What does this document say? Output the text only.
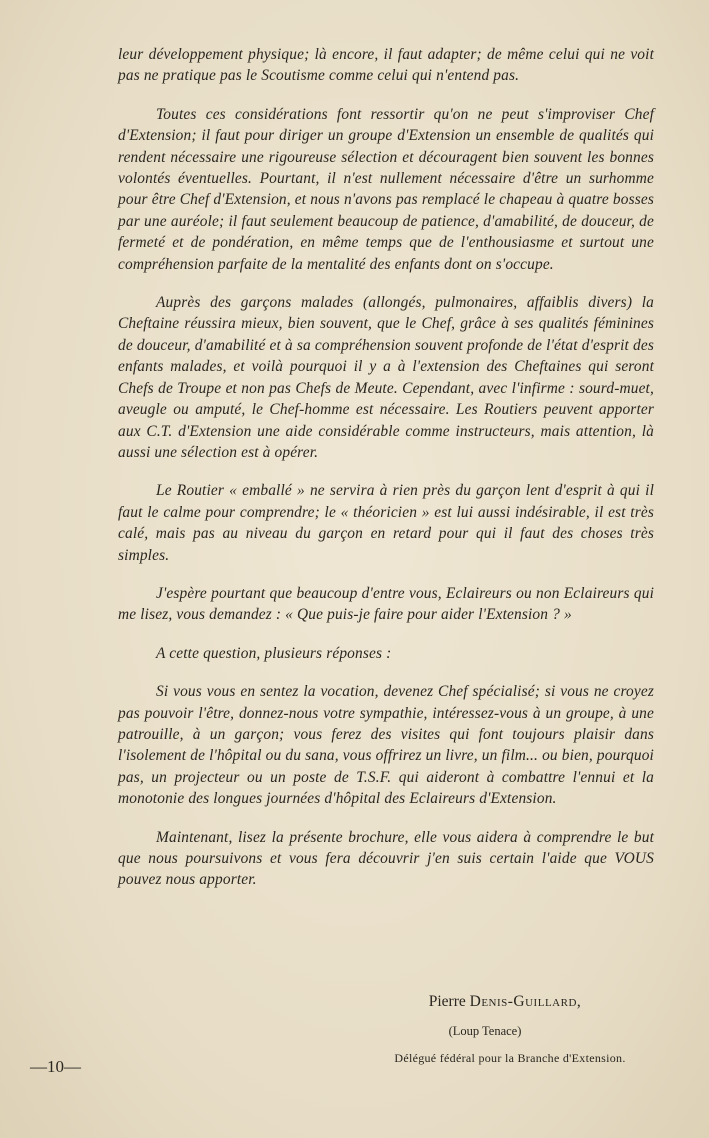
leur développement physique; là encore, il faut adapter; de même celui qui ne voit pas ne pratique pas le Scoutisme comme celui qui n'entend pas.

Toutes ces considérations font ressortir qu'on ne peut s'improviser Chef d'Extension; il faut pour diriger un groupe d'Extension un ensemble de qualités qui rendent nécessaire une rigoureuse sélection et découragent bien souvent les bonnes volontés éventuelles. Pourtant, il n'est nullement nécessaire d'être un surhomme pour être Chef d'Extension, et nous n'avons pas remplacé le chapeau à quatre bosses par une auréole; il faut seulement beaucoup de patience, d'amabilité, de douceur, de fermeté et de pondération, en même temps que de l'enthousiasme et surtout une compréhension parfaite de la mentalité des enfants dont on s'occupe.

Auprès des garçons malades (allongés, pulmonaires, affaiblis divers) la Cheftaine réussira mieux, bien souvent, que le Chef, grâce à ses qualités féminines de douceur, d'amabilité et à sa compréhension souvent profonde de l'état d'esprit des enfants malades, et voilà pourquoi il y a à l'extension des Cheftaines qui seront Chefs de Troupe et non pas Chefs de Meute. Cependant, avec l'infirme : sourd-muet, aveugle ou amputé, le Chef-homme est nécessaire. Les Routiers peuvent apporter aux C.T. d'Extension une aide considérable comme instructeurs, mais attention, là aussi une sélection est à opérer.

Le Routier « emballé » ne servira à rien près du garçon lent d'esprit à qui il faut le calme pour comprendre; le « théoricien » est lui aussi indésirable, il est très calé, mais pas au niveau du garçon en retard pour qui il faut des choses très simples.

J'espère pourtant que beaucoup d'entre vous, Eclaireurs ou non Eclaireurs qui me lisez, vous demandez : « Que puis-je faire pour aider l'Extension ? »

A cette question, plusieurs réponses :

Si vous vous en sentez la vocation, devenez Chef spécialisé; si vous ne croyez pas pouvoir l'être, donnez-nous votre sympathie, intéressez-vous à un groupe, à une patrouille, à un garçon; vous ferez des visites qui font toujours plaisir dans l'isolement de l'hôpital ou du sana, vous offrirez un livre, un film... ou bien, pourquoi pas, un projecteur ou un poste de T.S.F. qui aideront à combattre l'ennui et la monotonie des longues journées d'hôpital des Eclaireurs d'Extension.

Maintenant, lisez la présente brochure, elle vous aidera à comprendre le but que nous poursuivons et vous fera découvrir j'en suis certain l'aide que VOUS pouvez nous apporter.

Pierre Denis-Guillard,
(Loup Tenace)
Délégué fédéral pour la Branche d'Extension.
—10—
